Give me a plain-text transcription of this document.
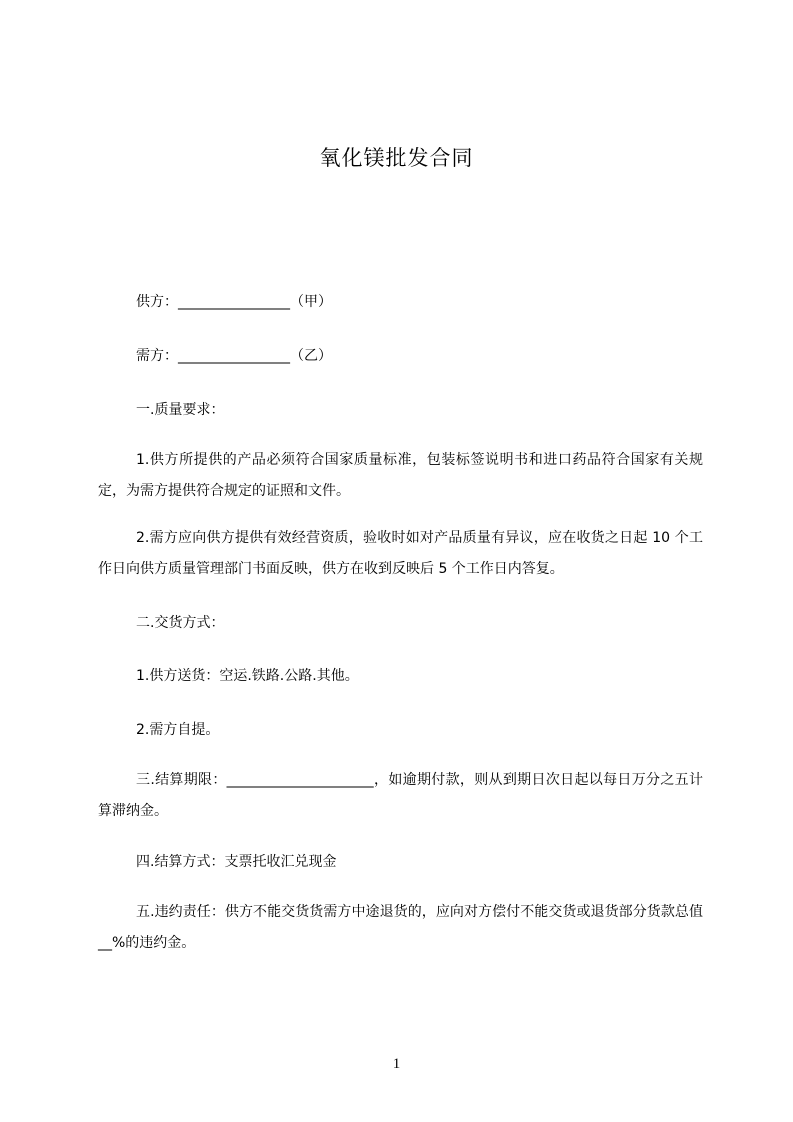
氧化镁批发合同
供方：________________（甲）
需方：________________（乙）
一.质量要求：
1.供方所提供的产品必须符合国家质量标准，包装标签说明书和进口药品符合国家有关规定，为需方提供符合规定的证照和文件。
2.需方应向供方提供有效经营资质，验收时如对产品质量有异议，应在收货之日起 10 个工作日向供方质量管理部门书面反映，供方在收到反映后 5 个工作日内答复。
二.交货方式：
1.供方送货：空运.铁路.公路.其他。
2.需方自提。
三.结算期限：_____________________，如逾期付款，则从到期日次日起以每日万分之五计算滞纳金。
四.结算方式：支票托收汇兑现金
五.违约责任：供方不能交货货需方中途退货的，应向对方偿付不能交货或退货部分货款总值__%的违约金。
1
